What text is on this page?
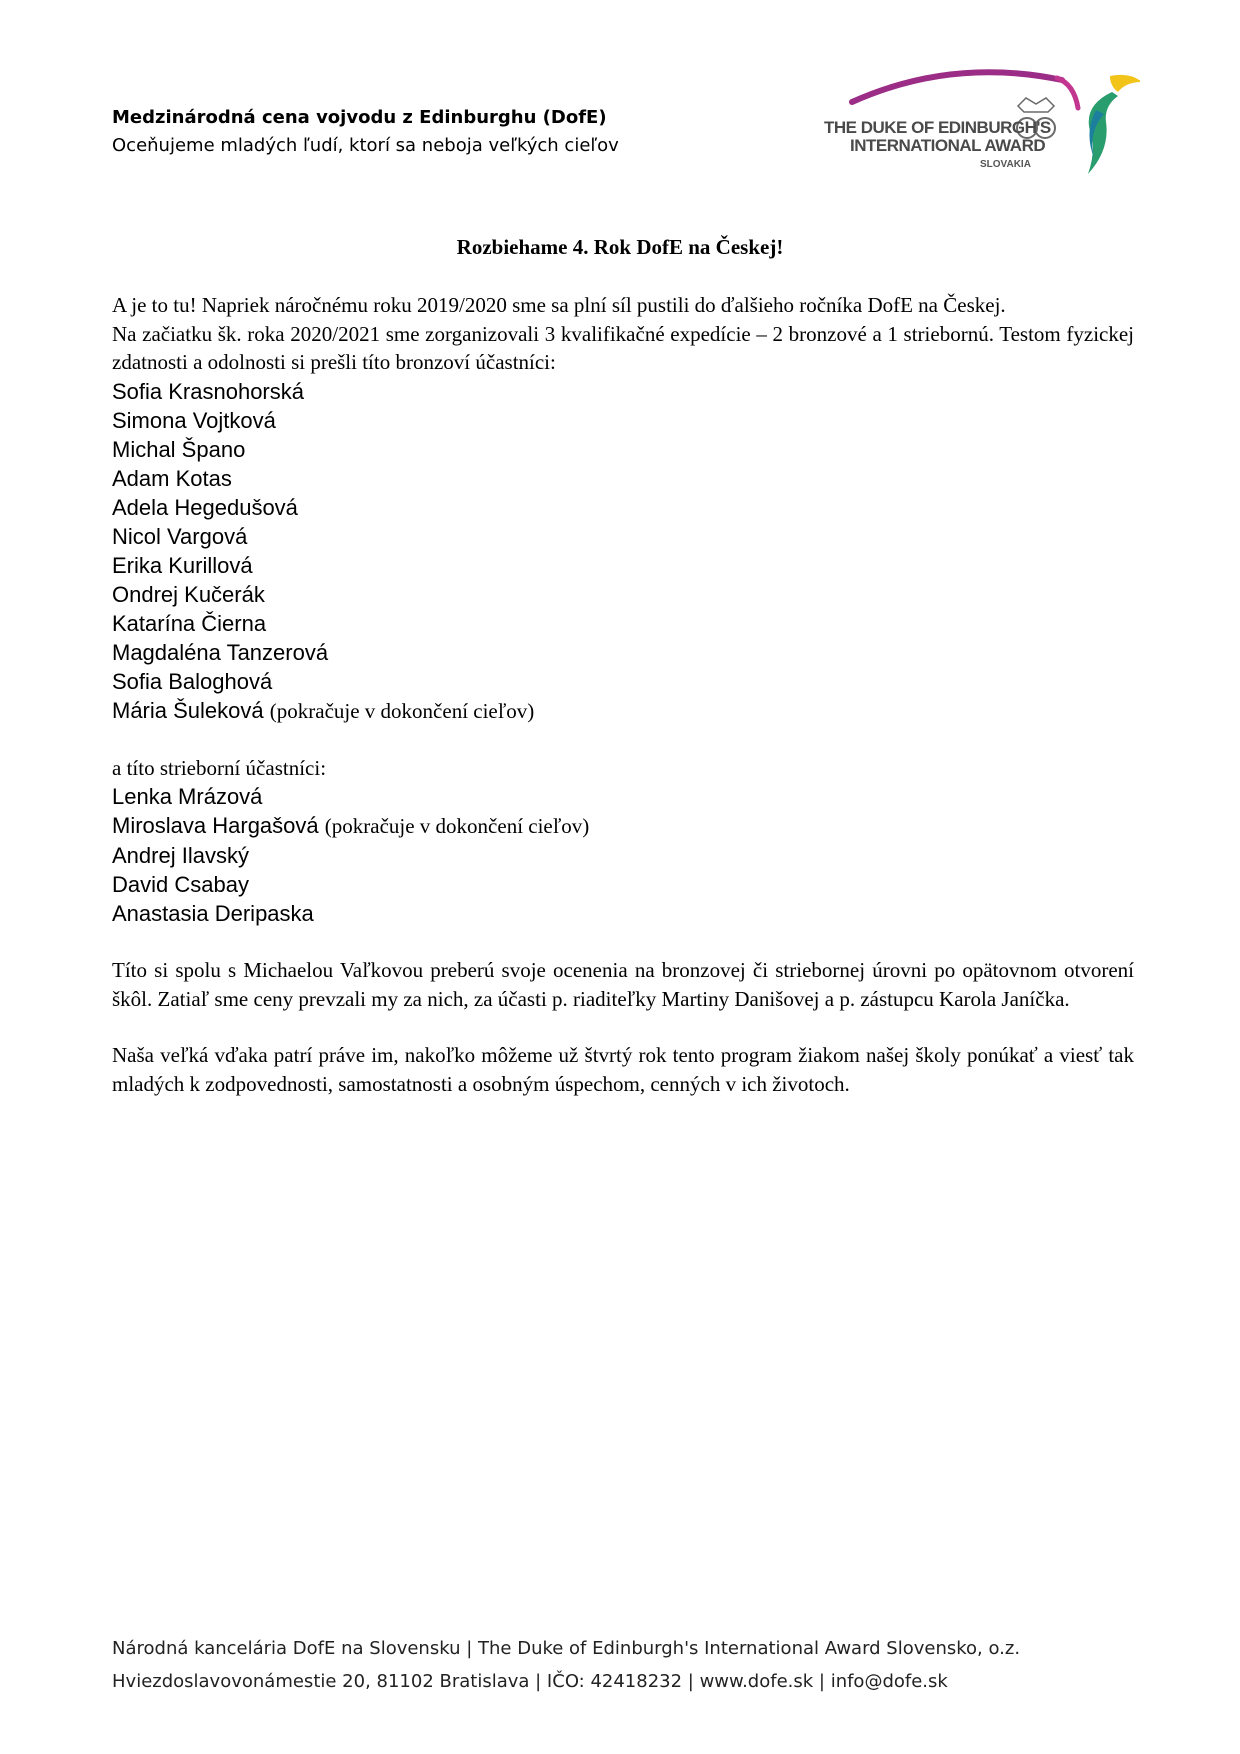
Medzinárodná cena vojvodu z Edinburghu (DofE)
Oceňujeme mladých ľudí, ktorí sa neboja veľkých cieľov
THE DUKE OF EDINBURGH'S
INTERNATIONAL AWARD
SLOVAKIA
Rozbiehame 4. Rok DofE na Českej!

A je to tu! Napriek náročnému roku 2019/2020 sme sa plní síl pustili do ďalšieho ročníka DofE na Českej.

Na začiatku šk. roka 2020/2021 sme zorganizovali 3 kvalifikačné expedície – 2 bronzové a 1 striebornú. Testom fyzickej zdatnosti a odolnosti si prešli títo bronzoví účastníci:

Sofia Krasnohorská
Simona Vojtková
Michal Špano
Adam Kotas
Adela Hegedušová
Nicol Vargová
Erika Kurillová
Ondrej Kučerák
Katarína Čierna
Magdaléna Tanzerová
Sofia Baloghová
Mária Šuleková (pokračuje v dokončení cieľov)

a títo strieborní účastníci:

Lenka Mrázová
Miroslava Hargašová (pokračuje v dokončení cieľov)
Andrej Ilavský
David Csabay
Anastasia Deripaska

Títo si spolu s Michaelou Vaľkovou preberú svoje ocenenia na bronzovej či striebornej úrovni po opätovnom otvorení škôl. Zatiaľ sme ceny prevzali my za nich, za účasti p. riaditeľky Martiny Danišovej a p. zástupcu Karola Janíčka.

Naša veľká vďaka patrí práve im, nakoľko môžeme už štvrtý rok tento program žiakom našej školy ponúkať a viesť tak mladých k zodpovednosti, samostatnosti a osobným úspechom, cenných v ich životoch.

Národná kancelária DofE na Slovensku | The Duke of Edinburgh's International Award Slovensko, o.z.
Hviezdoslavovonámestie 20, 81102 Bratislava | IČO: 42418232 | www.dofe.sk | info@dofe.sk
